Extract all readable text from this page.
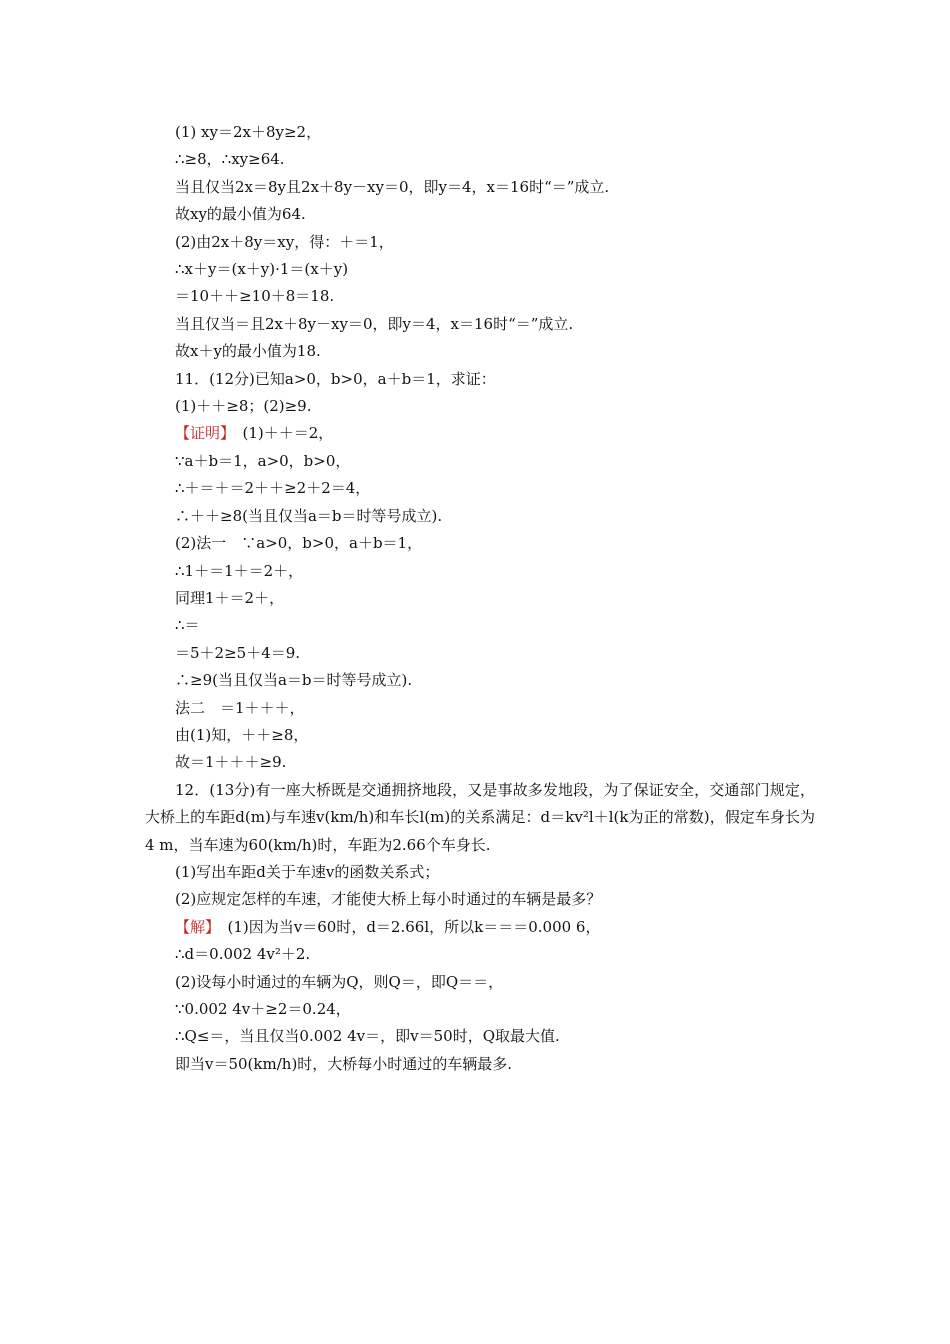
(1) xy＝2x＋8y≥2，
∴≥8，∴xy≥64.
当且仅当2x＝8y且2x＋8y－xy＝0，即y＝4，x＝16时“＝”成立.
故xy的最小值为64.
(2)由2x＋8y＝xy，得：＋＝1，
∴x＋y＝(x＋y)·1＝(x＋y)
＝10＋＋≥10＋8＝18.
当且仅当＝且2x＋8y－xy＝0，即y＝4，x＝16时“＝”成立.
故x＋y的最小值为18.
11．(12分)已知a>0，b>0，a＋b＝1，求证：
(1)＋＋≥8；(2)≥9.
【证明】　(1)＋＋＝2，
∵a＋b＝1，a>0，b>0，
∴＋＝＋＝2＋＋≥2＋2＝4，
∴＋＋≥8(当且仅当a＝b＝时等号成立).
(2)法一　∵a>0，b>0，a＋b＝1，
∴1＋＝1＋＝2＋，
同理1＋＝2＋，
∴＝
＝5＋2≥5＋4＝9.
∴≥9(当且仅当a＝b＝时等号成立).
法二　＝1＋＋＋，
由(1)知，＋＋≥8，
故＝1＋＋＋≥9.
12．(13分)有一座大桥既是交通拥挤地段，又是事故多发地段，为了保证安全，交通部门规定，大桥上的车距d(m)与车速v(km/h)和车长l(m)的关系满足：d＝kv²l＋l(k为正的常数)，假定车身长为4 m，当车速为60(km/h)时，车距为2.66个车身长.
(1)写出车距d关于车速v的函数关系式；
(2)应规定怎样的车速，才能使大桥上每小时通过的车辆是最多？
【解】　(1)因为当v＝60时，d＝2.66l，所以k＝＝＝0.000 6，
∴d＝0.002 4v²＋2.
(2)设每小时通过的车辆为Q，则Q＝，即Q＝＝，
∵0.002 4v＋≥2＝0.24，
∴Q≤＝，当且仅当0.002 4v＝，即v＝50时，Q取最大值.
即当v＝50(km/h)时，大桥每小时通过的车辆最多.
